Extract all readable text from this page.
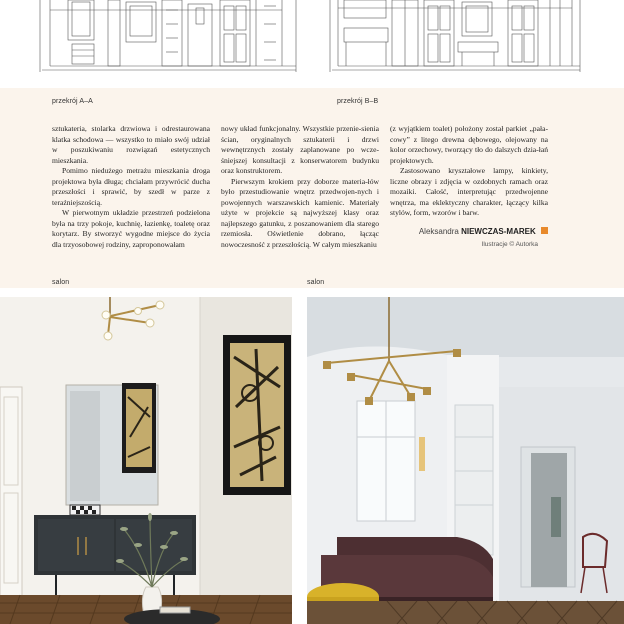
przekrój A–A	przekrój B–B

sztukateria, stolarka drzwiowa i odrestaurowana klatka schodowa — wszystko to miało swój udział w poszukiwaniu rozwiązań estetycznych mieszkania.

Pomimo niedużego metrażu mieszkania droga projektowa była długa; chciałam przywrócić ducha przeszłości i sprawić, by szedł w parze z teraźniejszością.

W pierwotnym układzie przestrzeń podzielona była na trzy pokoje, kuchnię, łazienkę, toaletę oraz korytarz. By stworzyć wygodne miejsce do życia dla trzyosobowej rodziny, zaproponowałam

nowy układ funkcjonalny. Wszystkie przenie-sienia ścian, oryginalnych sztukaterii i drzwi wewnętrznych zostały zaplanowane po wcze-śniejszej konsultacji z konserwatorem budynku oraz konstruktorem.

Pierwszym krokiem przy doborze materia-łów było przestudiowanie wnętrz przedwojen-nych i powojennych warszawskich kamienic. Materiały użyte w projekcie są najwyższej klasy oraz najlepszego gatunku, z poszanowaniem dla starego rzemiosła. Oświetlenie dobrano, łącząc nowoczesność z przeszłością. W całym mieszkaniu

(z wyjątkiem toalet) położony został parkiet „pała-cowy” z litego drewna dębowego, olejowany na kolor orzechowy, tworzący tło do dalszych dzia-łań projektowych.

Zastosowano kryształowe lampy, kinkiety, liczne obrazy i zdjęcia w ozdobnych ramach oraz mozaiki. Całość, interpretując przedwojenne wnętrza, ma eklektyczny charakter, łączący kilka stylów, form, wzorów i barw.

Aleksandra NIEWCZAS-MAREK
Ilustracje © Autorka
salon	salon
